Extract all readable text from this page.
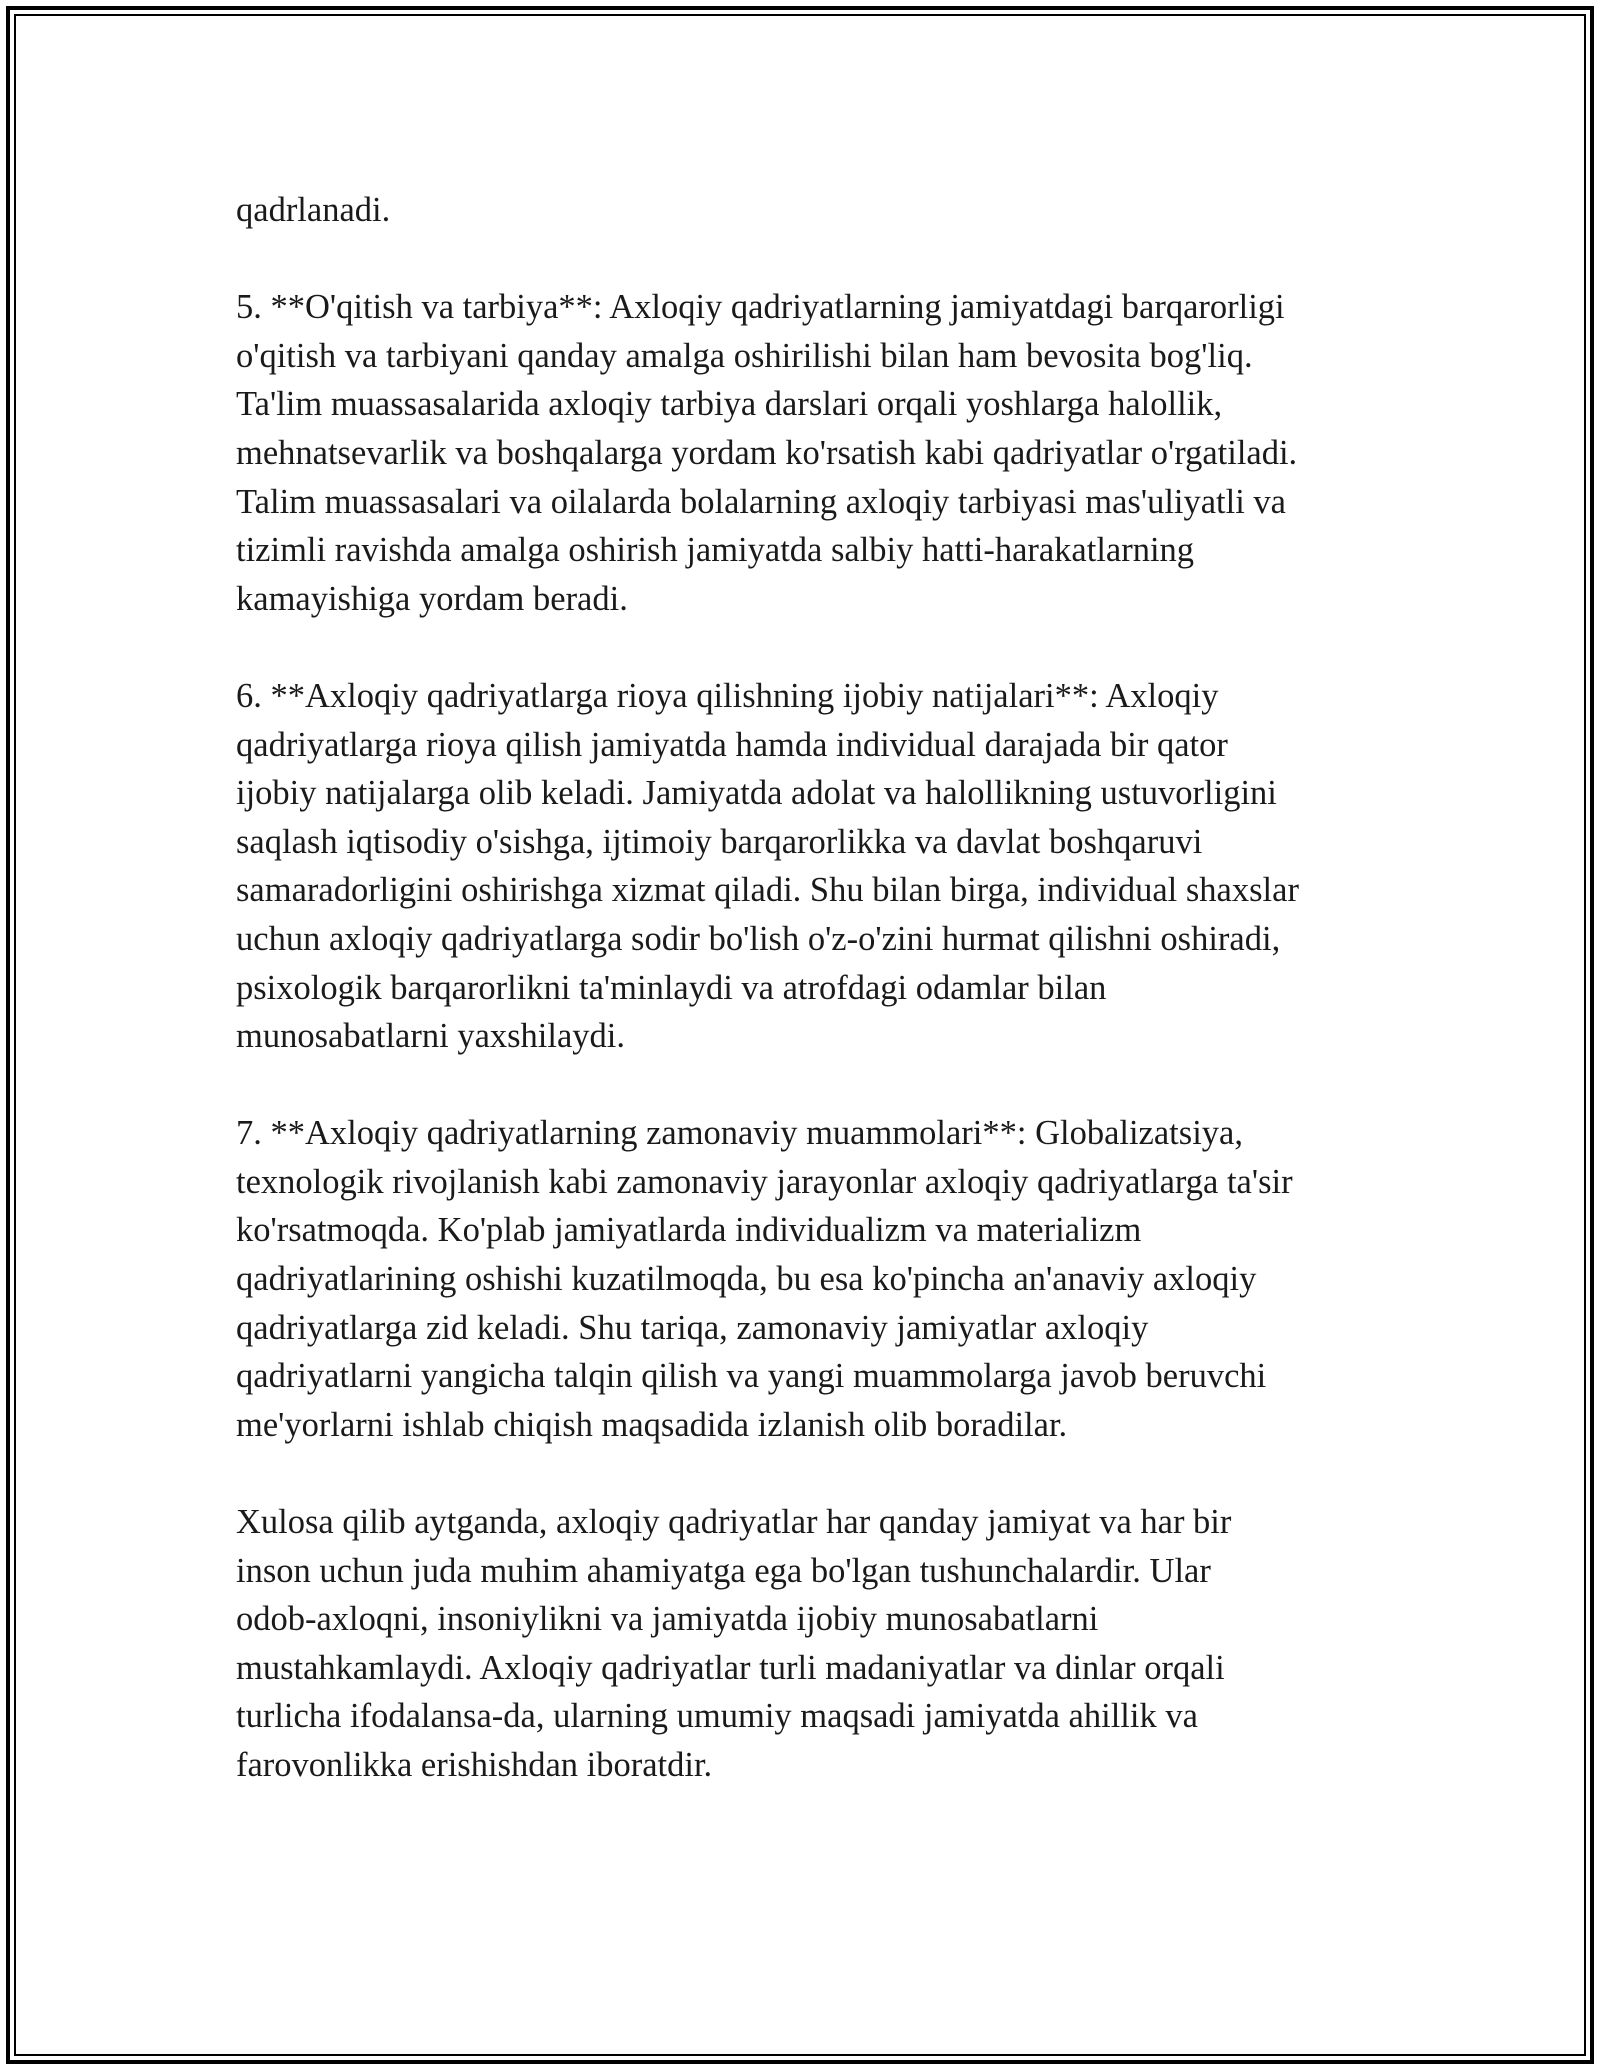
qadrlanadi.

5. **O'qitish va tarbiya**: Axloqiy qadriyatlarning jamiyatdagi barqarorligi
o'qitish va tarbiyani qanday amalga oshirilishi bilan ham bevosita bog'liq.
Ta'lim muassasalarida axloqiy tarbiya darslari orqali yoshlarga halollik,
mehnatsevarlik va boshqalarga yordam ko'rsatish kabi qadriyatlar o'rgatiladi.
Talim muassasalari va oilalarda bolalarning axloqiy tarbiyasi mas'uliyatli va
tizimli ravishda amalga oshirish jamiyatda salbiy hatti-harakatlarning
kamayishiga yordam beradi.

6. **Axloqiy qadriyatlarga rioya qilishning ijobiy natijalari**: Axloqiy
qadriyatlarga rioya qilish jamiyatda hamda individual darajada bir qator
ijobiy natijalarga olib keladi. Jamiyatda adolat va halollikning ustuvorligini
saqlash iqtisodiy o'sishga, ijtimoiy barqarorlikka va davlat boshqaruvi
samaradorligini oshirishga xizmat qiladi. Shu bilan birga, individual shaxslar
uchun axloqiy qadriyatlarga sodir bo'lish o'z-o'zini hurmat qilishni oshiradi,
psixologik barqarorlikni ta'minlaydi va atrofdagi odamlar bilan
munosabatlarni yaxshilaydi.

7. **Axloqiy qadriyatlarning zamonaviy muammolari**: Globalizatsiya,
texnologik rivojlanish kabi zamonaviy jarayonlar axloqiy qadriyatlarga ta'sir
ko'rsatmoqda. Ko'plab jamiyatlarda individualizm va materializm
qadriyatlarining oshishi kuzatilmoqda, bu esa ko'pincha an'anaviy axloqiy
qadriyatlarga zid keladi. Shu tariqa, zamonaviy jamiyatlar axloqiy
qadriyatlarni yangicha talqin qilish va yangi muammolarga javob beruvchi
me'yorlarni ishlab chiqish maqsadida izlanish olib boradilar.

Xulosa qilib aytganda, axloqiy qadriyatlar har qanday jamiyat va har bir
inson uchun juda muhim ahamiyatga ega bo'lgan tushunchalardir. Ular
odob-axloqni, insoniylikni va jamiyatda ijobiy munosabatlarni
mustahkamlaydi. Axloqiy qadriyatlar turli madaniyatlar va dinlar orqali
turlicha ifodalansa-da, ularning umumiy maqsadi jamiyatda ahillik va
farovonlikka erishishdan iboratdir.
